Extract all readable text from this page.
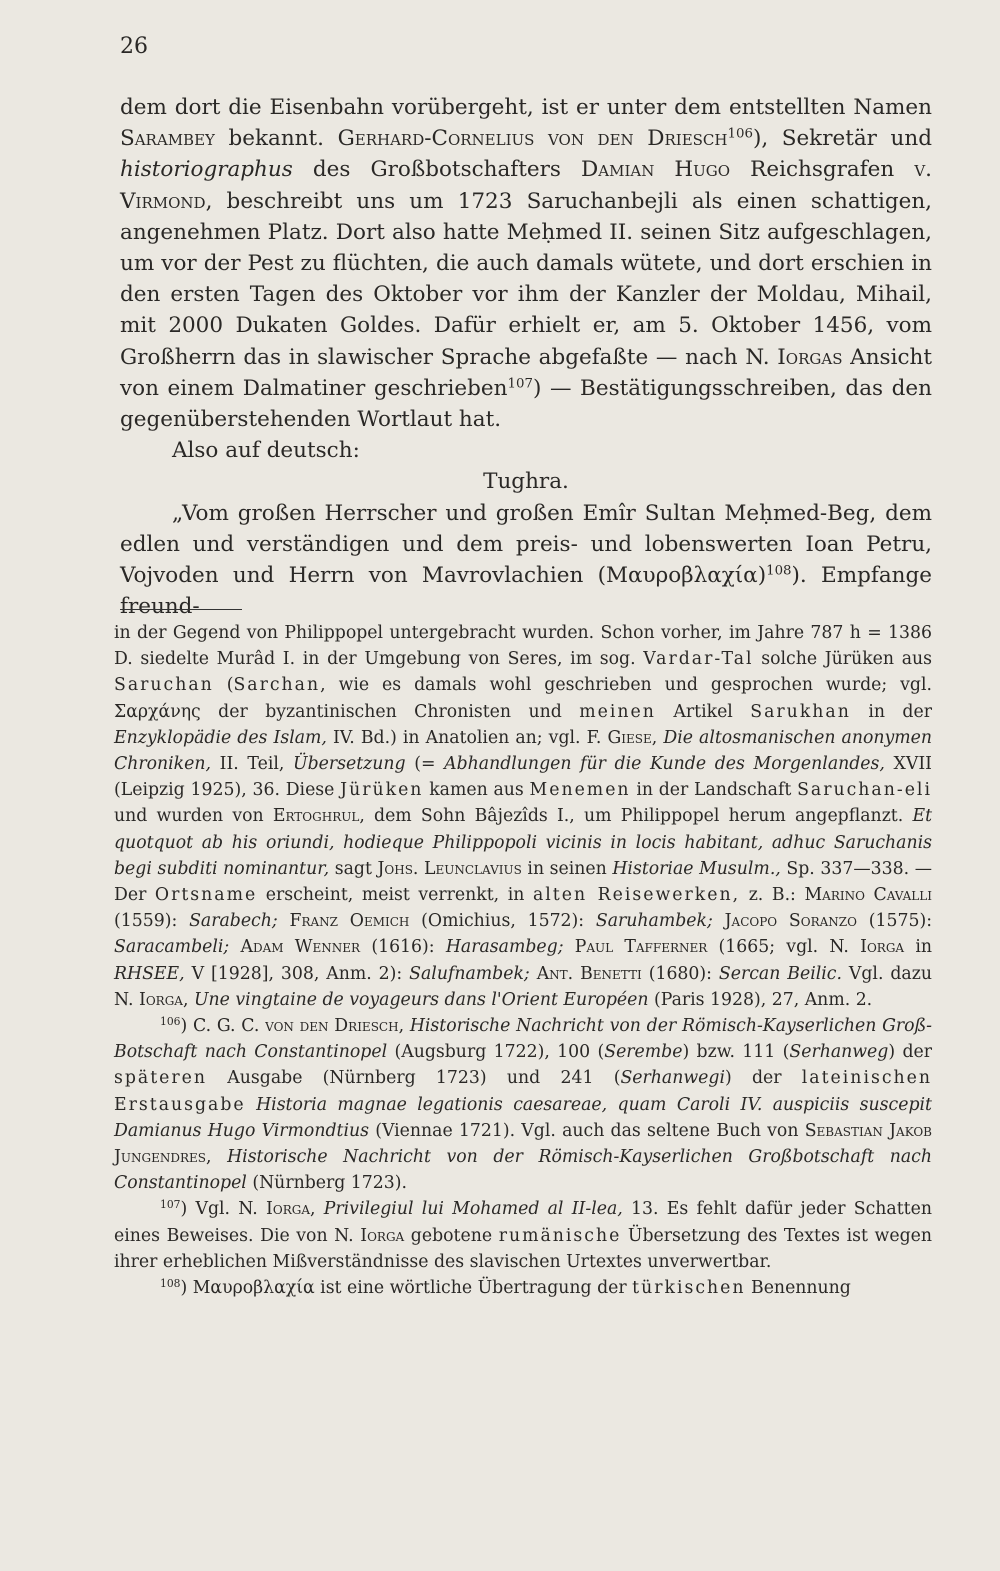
26

dem dort die Eisenbahn vorübergeht, ist er unter dem entstellten Namen Sarambey bekannt. Gerhard-Cornelius von den Driesch$^{106}$), Sekretär und historiographus des Großbotschafters Damian Hugo Reichsgrafen v. Virmond, beschreibt uns um 1723 Saruchanbejli als einen schattigen, angenehmen Platz. Dort also hatte Meḥmed II. seinen Sitz aufgeschlagen, um vor der Pest zu flüchten, die auch damals wütete, und dort erschien in den ersten Tagen des Oktober vor ihm der Kanzler der Moldau, Mihail, mit 2000 Dukaten Goldes. Dafür erhielt er, am 5. Oktober 1456, vom Großherrn das in slawischer Sprache abgefaßte — nach N. Iorgas Ansicht von einem Dalmatiner geschrieben$^{107}$) — Bestätigungsschreiben, das den gegenüberstehenden Wortlaut hat.

Also auf deutsch:

Tughra.

„Vom großen Herrscher und großen Emîr Sultan Meḥmed-Beg, dem edlen und verständigen und dem preis- und lobenswerten Ioan Petru, Vojvoden und Herrn von Mavrovlachien $(M\alpha\upsilon\rho o\beta\lambda\alpha\chi ί\alpha)^{108}$). Empfange freund-

in der Gegend von Philippopel untergebracht wurden. Schon vorher, im Jahre 787 h = 1386 D. siedelte Murâd I. in der Umgebung von Seres, im sog. Vardar-Tal solche Jürüken aus Saruchan (Sarchan, wie es damals wohl geschrieben und gesprochen wurde; vgl. Σαρχάνης der byzantinischen Chronisten und meinen Artikel Sarukhan in der Enzyklopädie des Islam, IV. Bd.) in Anatolien an; vgl. F. Giese, Die altosmanischen anonymen Chroniken, II. Teil, Übersetzung (= Abhandlungen für die Kunde des Morgenlandes, XVII (Leipzig 1925), 36. Diese Jürüken kamen aus Menemen in der Landschaft Saruchan-eli und wurden von Ertoghrul, dem Sohn Bâjezîds I., um Philippopel herum angepflanzt. Et quotquot ab his oriundi, hodieque Philippopoli vicinis in locis habitant, adhuc Saruchanis begi subditi nominantur, sagt Johs. Leunclavius in seinen Historiae Musulm., Sp. 337—338. — Der Ortsname erscheint, meist verrenkt, in alten Reisewerken, z. B.: Marino Cavalli (1559): Sarabech; Franz Oemich (Omichius, 1572): Saruhambek; Jacopo Soranzo (1575): Saracambeli; Adam Wenner (1616): Harasambeg; Paul Tafferner (1665; vgl. N. Iorga in RHSEE, V [1928], 308, Anm. 2): Salufnambek; Ant. Benetti (1680): Sercan Beilic. Vgl. dazu N. Iorga, Une vingtaine de voyageurs dans l'Orient Européen (Paris 1928), 27, Anm. 2.

$^{106}$) C. G. C. von den Driesch, Historische Nachricht von der Römisch-Kayserlichen Groß-Botschaft nach Constantinopel (Augsburg 1722), 100 (Serembe) bzw. 111 (Serhanweg) der späteren Ausgabe (Nürnberg 1723) und 241 (Serhanwegi) der lateinischen Erstausgabe Historia magnae legationis caesareae, quam Caroli IV. auspiciis suscepit Damianus Hugo Virmondtius (Viennae 1721). Vgl. auch das seltene Buch von Sebastian Jakob Jungendres, Historische Nachricht von der Römisch-Kayserlichen Großbotschaft nach Constantinopel (Nürnberg 1723).

$^{107}$) Vgl. N. Iorga, Privilegiul lui Mohamed al II-lea, 13. Es fehlt dafür jeder Schatten eines Beweises. Die von N. Iorga gebotene rumänische Übersetzung des Textes ist wegen ihrer erheblichen Mißverständnisse des slavischen Urtextes unverwertbar.

$^{108}$) Μαυροβλαχία ist eine wörtliche Übertragung der türkischen Benennung
